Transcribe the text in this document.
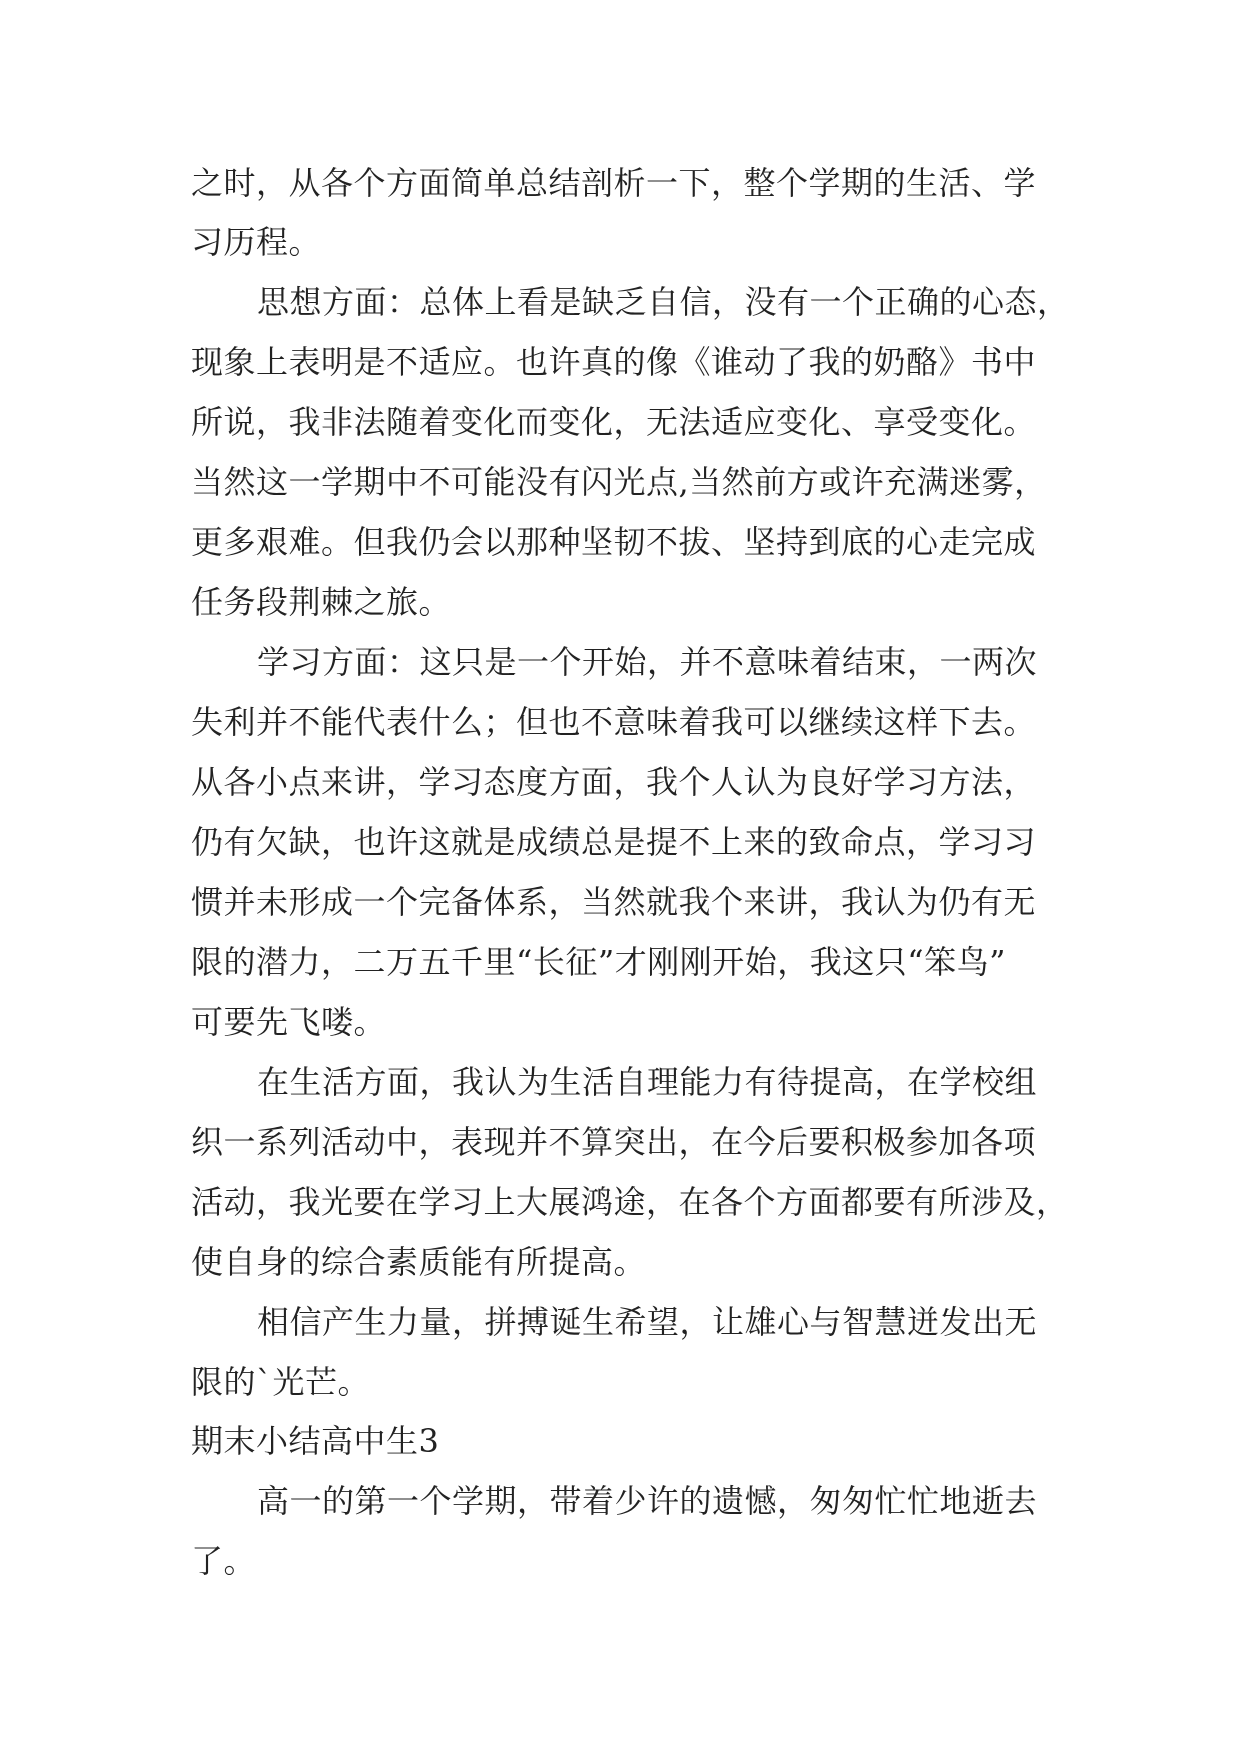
之时，从各个方面简单总结剖析一下，整个学期的生活、学
习历程。
思想方面：总体上看是缺乏自信，没有一个正确的心态，
现象上表明是不适应。也许真的像《谁动了我的奶酪》书中
所说，我非法随着变化而变化，无法适应变化、享受变化。
当然这一学期中不可能没有闪光点,当然前方或许充满迷雾，
更多艰难。但我仍会以那种坚韧不拔、坚持到底的心走完成
任务段荆棘之旅。
学习方面：这只是一个开始，并不意味着结束，一两次
失利并不能代表什么；但也不意味着我可以继续这样下去。
从各小点来讲，学习态度方面，我个人认为良好学习方法，
仍有欠缺，也许这就是成绩总是提不上来的致命点，学习习
惯并未形成一个完备体系，当然就我个来讲，我认为仍有无
限的潜力，二万五千里“长征”才刚刚开始，我这只“笨鸟”
可要先飞喽。
在生活方面，我认为生活自理能力有待提高，在学校组
织一系列活动中，表现并不算突出，在今后要积极参加各项
活动，我光要在学习上大展鸿途，在各个方面都要有所涉及，
使自身的综合素质能有所提高。
相信产生力量，拼搏诞生希望，让雄心与智慧迸发出无
限的`光芒。
期末小结高中生3
高一的第一个学期，带着少许的遗憾，匆匆忙忙地逝去
了。
